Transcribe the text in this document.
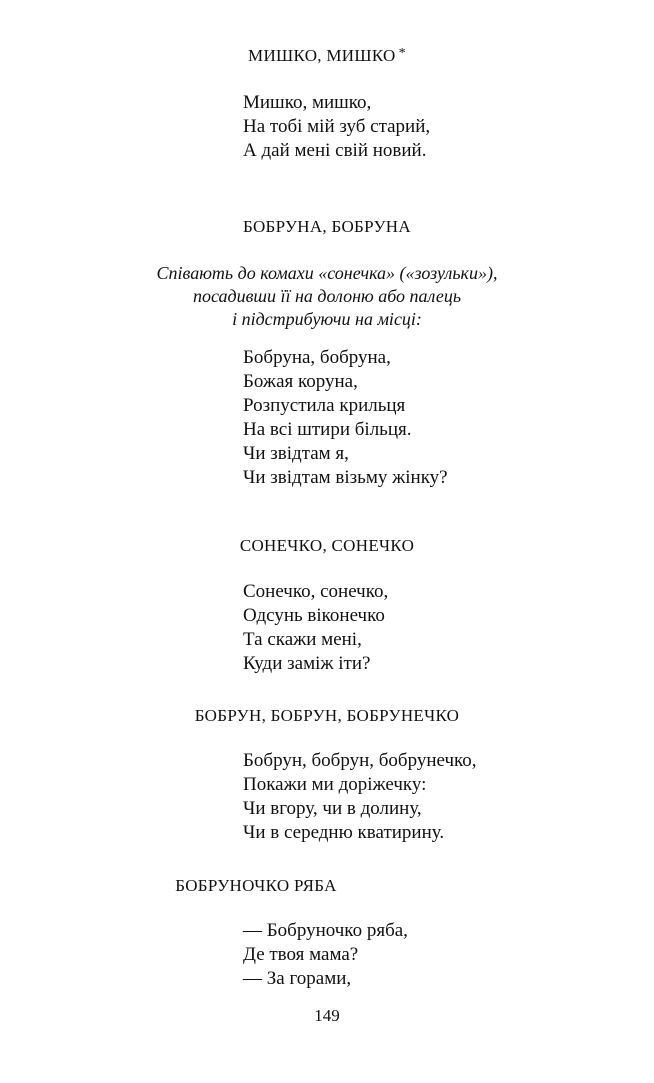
МИШКО, МИШКО *
Мишко, мишко,
На тобі мій зуб старий,
А дай мені свій новий.
БОБРУНА, БОБРУНА
Співають до комахи «сонечка» («зозульки»),
посадивши її на долоню або палець
і підстрибуючи на місці:
Бобруна, бобруна,
Божая коруна,
Розпустила крильця
На всі штири більця.
Чи звідтам я,
Чи звідтам візьму жінку?
СОНЕЧКО, СОНЕЧКО
Сонечко, сонечко,
Одсунь віконечко
Та скажи мені,
Куди заміж іти?
БОБРУН, БОБРУН, БОБРУНЕЧКО
Бобрун, бобрун, бобрунечко,
Покажи ми доріжечку:
Чи вгору, чи в долину,
Чи в середню кватирину.
БОБРУНОЧКО РЯБА
— Бобруночко ряба,
Де твоя мама?
— За горами,
149
